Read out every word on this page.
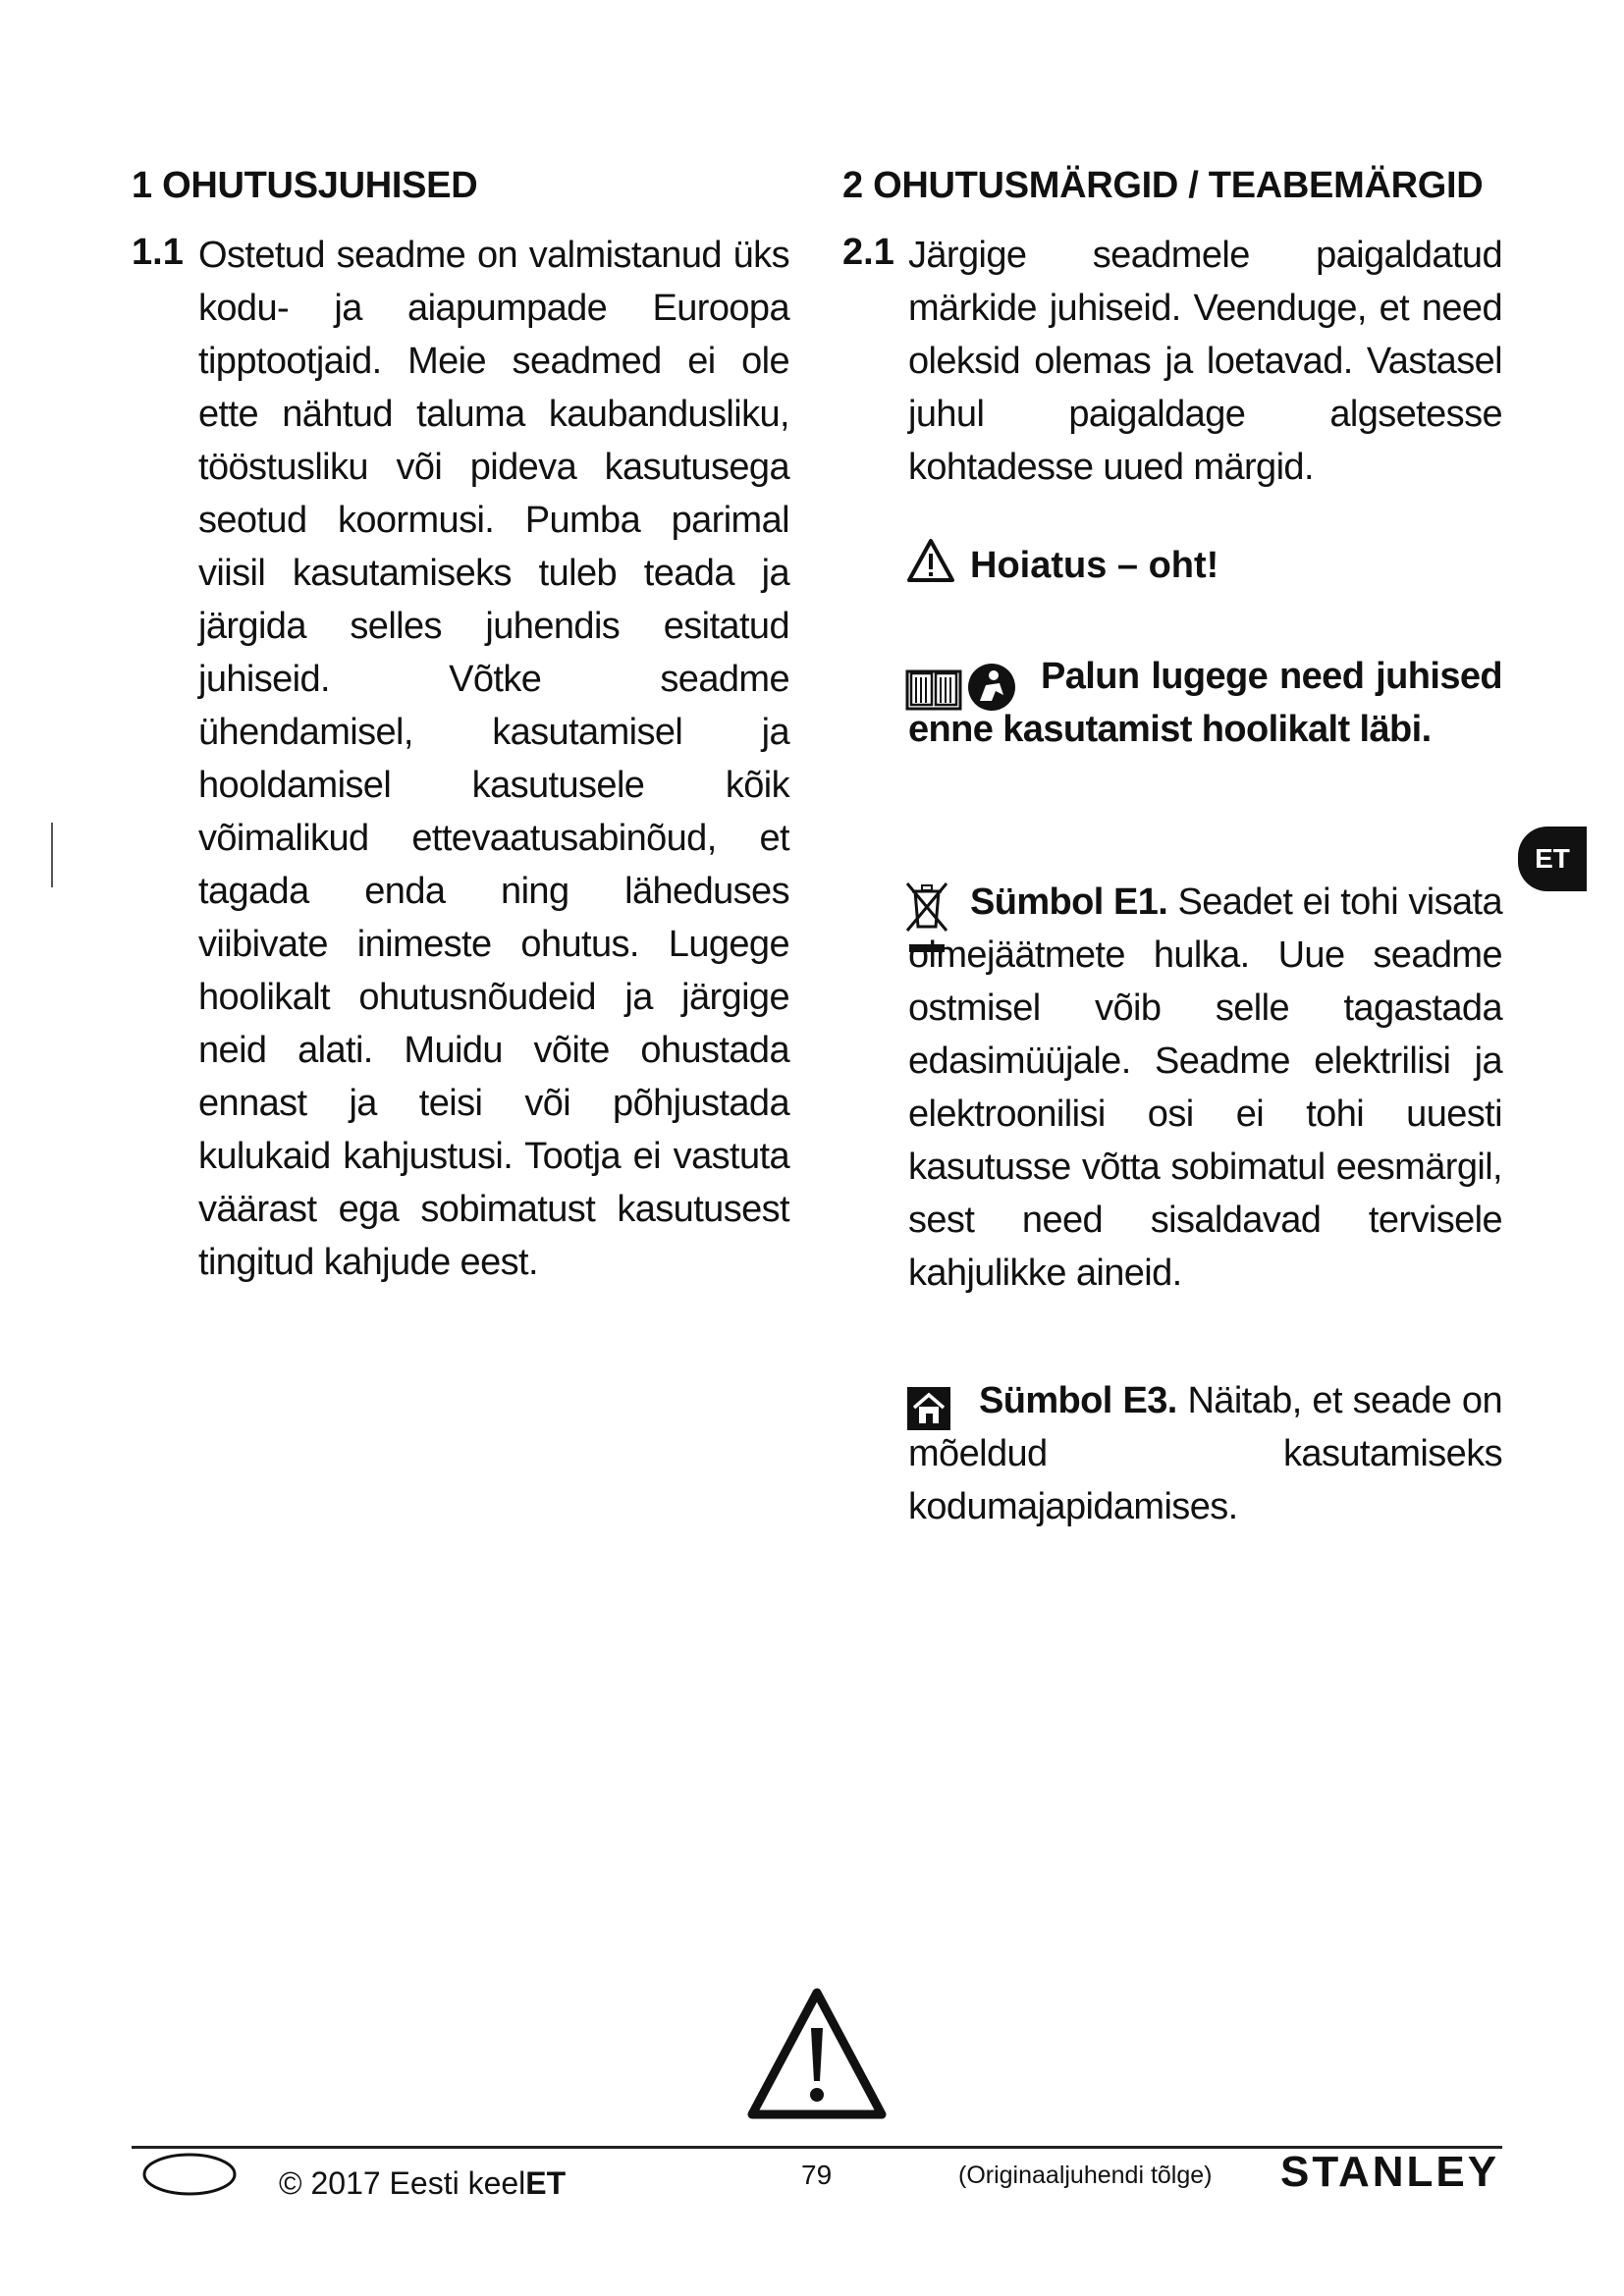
1 OHUTUSJUHISED
1.1 Ostetud seadme on valmistanud üks kodu- ja aiapumpade Euroopa tipptootjaid. Meie seadmed ei ole ette nähtud taluma kaubandusliku, tööstusliku või pideva kasutusega seotud koormusi. Pumba parimal viisil kasutamiseks tuleb teada ja järgida selles juhendis esitatud juhiseid. Võtke seadme ühendamisel, kasutamisel ja hooldamisel kasutusele kõik võimalikud ettevaatusabinõud, et tagada enda ning läheduses viibivate inimeste ohutus. Lugege hoolikalt ohutusnõudeid ja järgige neid alati. Muidu võite ohustada ennast ja teisi või põhjustada kulukaid kahjustusi. Tootja ei vastuta väärast ega sobimatust kasutusest tingitud kahjude eest.
2 OHUTUSMÄRGID / TEABEMÄRGID
2.1 Järgige seadmele paigaldatud märkide juhiseid. Veenduge, et need oleksid olemas ja loetavad. Vastasel juhul paigaldage algsetesse kohtadesse uued märgid.
Hoiatus – oht!
Palun lugege need juhised enne kasutamist hoolikalt läbi.
Sümbol E1. Seadet ei tohi visata olmejäätmete hulka. Uue seadme ostmisel võib selle tagastada edasimüüjale. Seadme elektrilisi ja elektroonilisi osi ei tohi uuesti kasutusse võtta sobimatul eesmärgil, sest need sisaldavad tervisele kahjulikke aineid.
Sümbol E3. Näitab, et seade on mõeldud kasutamiseks kodumajapidamises.
ET
© 2017 Eesti keelET	79	(Originaaljuhendi tõlge) STANLEY
